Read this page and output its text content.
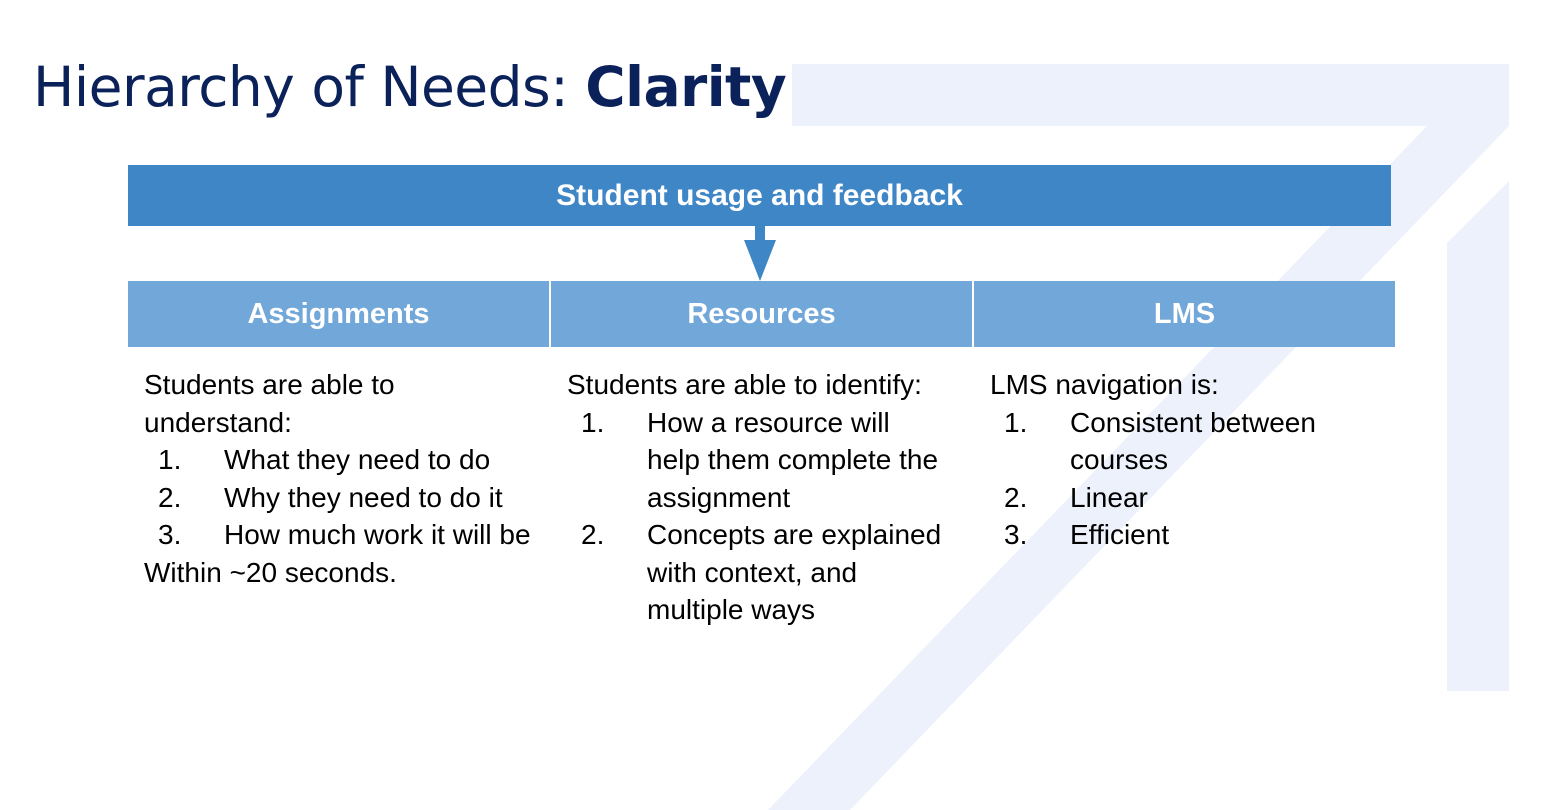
Hierarchy of Needs: Clarity
Student usage and feedback
Assignments	Resources	LMS

Students are able to understand:

1. What they need to do
2. Why they need to do it
3. How much work it will be

Within ~20 seconds.

Students are able to identify:

1. How a resource will help them complete the assignment
2. Concepts are explained with context, and multiple ways

LMS navigation is:

1. Consistent between courses
2. Linear
3. Efficient
